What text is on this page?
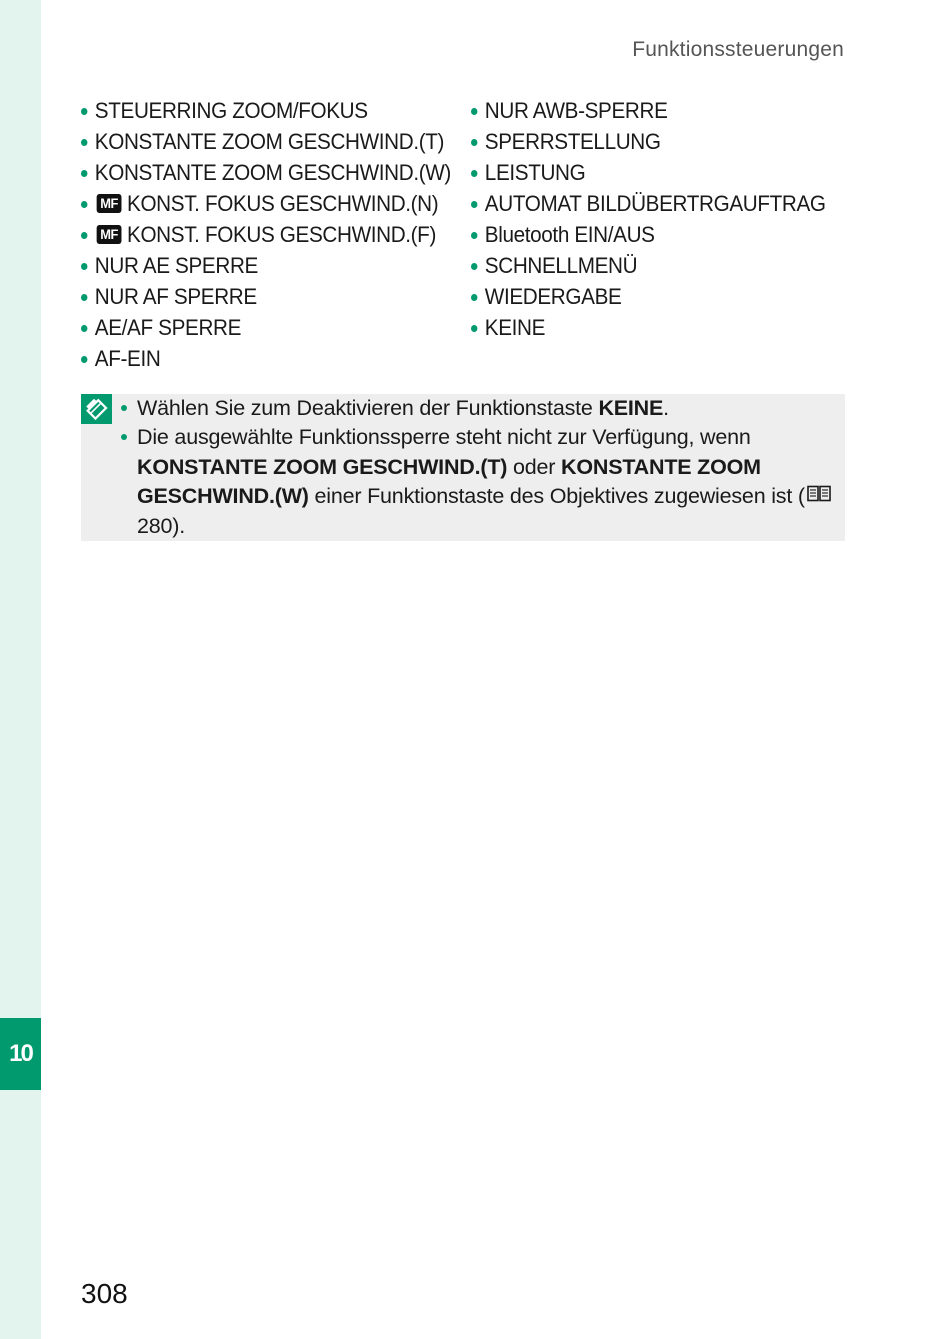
10
Funktionssteuerungen
STEUERRING ZOOM/FOKUS
KONSTANTE ZOOM GESCHWIND.(T)
KONSTANTE ZOOM GESCHWIND.(W)
MF KONST. FOKUS GESCHWIND.(N)
MF KONST. FOKUS GESCHWIND.(F)
NUR AE SPERRE
NUR AF SPERRE
AE/AF SPERRE
AF-EIN
NUR AWB-SPERRE
SPERRSTELLUNG
LEISTUNG
AUTOMAT BILDÜBERTRGAUFTRAG
Bluetooth EIN/AUS
SCHNELLMENÜ
WIEDERGABE
KEINE
Wählen Sie zum Deaktivieren der Funktionstaste KEINE.
Die ausgewählte Funktionssperre steht nicht zur Verfügung, wenn KONSTANTE ZOOM GESCHWIND.(T) oder KONSTANTE ZOOM GESCHWIND.(W) einer Funktionstaste des Objektives zugewiesen ist (280).
308
